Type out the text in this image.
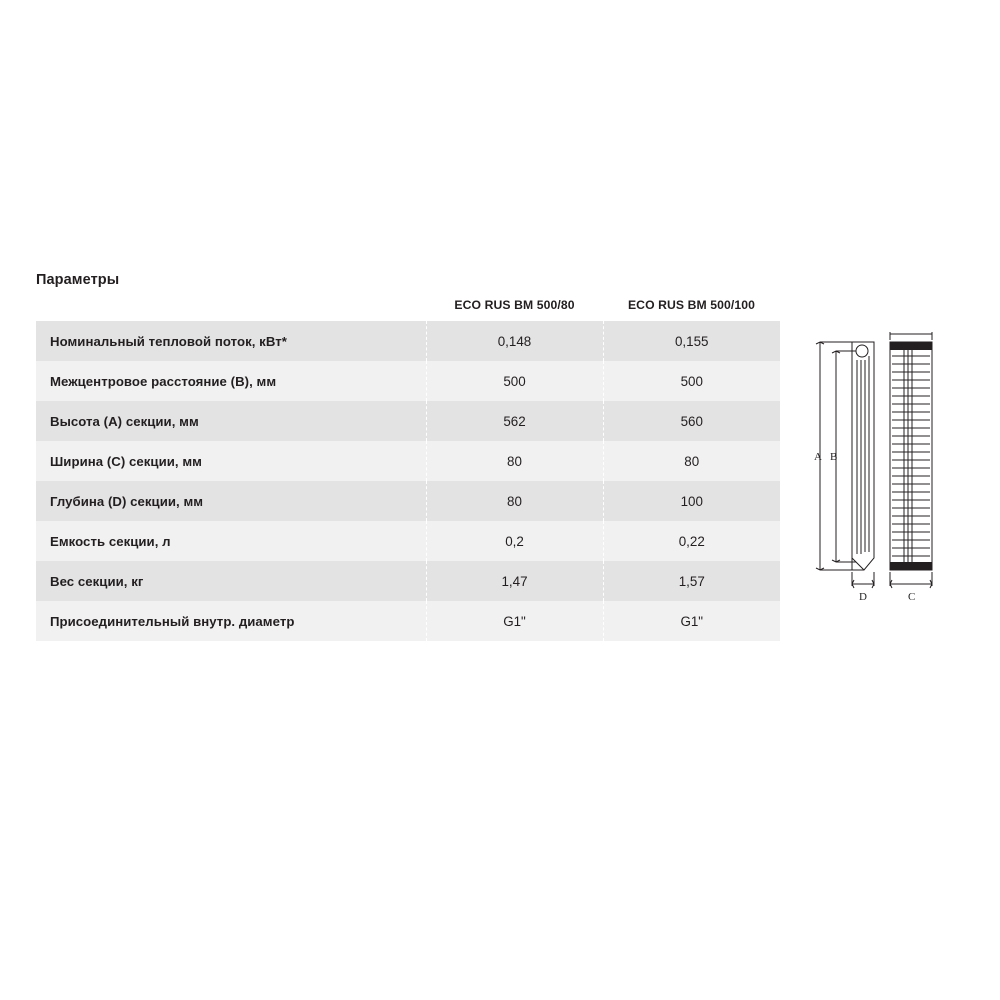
Параметры
	ECO RUS BM 500/80	ECO RUS BM 500/100
Номинальный тепловой поток, кВт*	0,148	0,155
Межцентровое расстояние (B), мм	500	500
Высота (A) секции, мм	562	560
Ширина (C) секции, мм	80	80
Глубина (D) секции, мм	80	100
Емкость секции, л	0,2	0,22
Вес секции, кг	1,47	1,57
Присоединительный внутр. диаметр	G1"	G1"
A B
D	C
